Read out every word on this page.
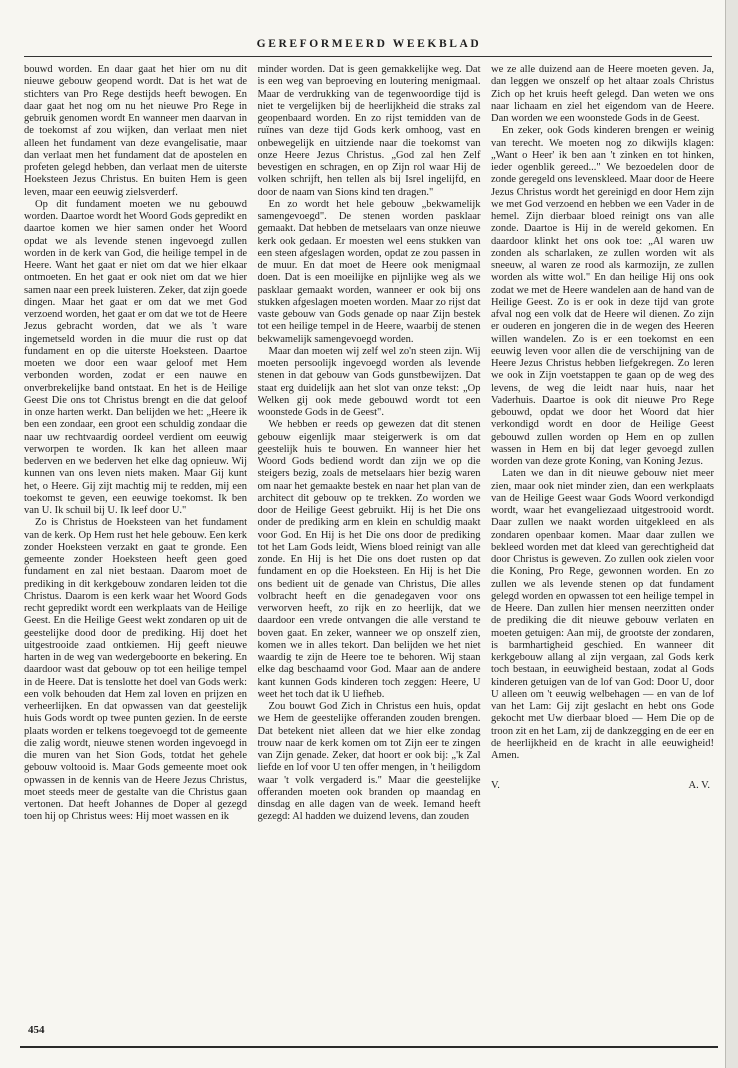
GEREFORMEERD WEEKBLAD

bouwd worden. En daar gaat het hier om nu dit nieuwe gebouw geopend wordt. Dat is het wat de stichters van Pro Rege destijds heeft bewogen. En daar gaat het nog om nu het nieuwe Pro Rege in gebruik genomen wordt En wanneer men daarvan in de toekomst af zou wijken, dan verlaat men niet alleen het fundament van deze evangelisatie, maar dan verlaat men het fundament dat de apostelen en profeten gelegd hebben, dan verlaat men de uiterste Hoeksteen Jezus Christus. En buiten Hem is geen leven, maar een eeuwig zielsverderf.

Op dit fundament moeten we nu gebouwd worden. Daartoe wordt het Woord Gods gepredikt en daartoe komen we hier samen onder het Woord opdat we als levende stenen ingevoegd zullen worden in de kerk van God, die heilige tempel in de Heere. Want het gaat er niet om dat we hier elkaar ontmoeten. En het gaat er ook niet om dat we hier samen naar een preek luisteren. Zeker, dat zijn goede dingen. Maar het gaat er om dat we met God verzoend worden, het gaat er om dat we tot de Heere Jezus gebracht worden, dat we als 't ware ingemetseld worden in die muur die rust op dat fundament en op die uiterste Hoeksteen. Daartoe moeten we door een waar geloof met Hem verbonden worden, zodat er een nauwe en onverbrekelijke band ontstaat. En het is de Heilige Geest Die ons tot Christus brengt en die dat geloof in onze harten werkt. Dan belijden we het: „Heere ik ben een zondaar, een groot een schuldig zondaar die naar uw rechtvaardig oordeel verdient om eeuwig verworpen te worden. Ik kan het alleen maar bederven en we bederven het elke dag opnieuw. Wij kunnen van ons leven niets maken. Maar Gij kunt het, o Heere. Gij zijt machtig mij te redden, mij een toekomst te geven, een eeuwige toekomst. Ik ben van U. Ik schuil bij U. Ik leef door U."

Zo is Christus de Hoeksteen van het fundament van de kerk. Op Hem rust het hele gebouw. Een kerk zonder Hoeksteen verzakt en gaat te gronde. Een gemeente zonder Hoeksteen heeft geen goed fundament en zal niet bestaan. Daarom moet de prediking in dit kerkgebouw zondaren leiden tot die Christus. Daarom is een kerk waar het Woord Gods recht gepredikt wordt een werkplaats van de Heilige Geest. En die Heilige Geest wekt zondaren op uit de geestelijke dood door de prediking. Hij doet het uitgestrooide zaad ontkiemen. Hij geeft nieuwe harten in de weg van wedergeboorte en bekering. En daardoor wast dat gebouw op tot een heilige tempel in de Heere. Dat is tenslotte het doel van Gods werk: een volk behouden dat Hem zal loven en prijzen en verheerlijken. En dat opwassen van dat geestelijk huis Gods wordt op twee punten gezien. In de eerste plaats worden er telkens toegevoegd tot de gemeente die zalig wordt, nieuwe stenen worden ingevoegd in die muren van het Sion Gods, totdat het gehele gebouw voltooid is. Maar Gods gemeente moet ook opwassen in de kennis van de Heere Jezus Christus, moet steeds meer de gestalte van die Christus gaan vertonen. Dat heeft Johannes de Doper al gezegd toen hij op Christus wees: Hij moet wassen en ik

minder worden. Dat is geen gemakkelijke weg. Dat is een weg van beproeving en loutering menigmaal. Maar de verdrukking van de tegenwoordige tijd is niet te vergelijken bij de heerlijkheid die straks zal geopenbaard worden. En zo rijst temidden van de ruïnes van deze tijd Gods kerk omhoog, vast en onbewegelijk en uitziende naar die toekomst van onze Heere Jezus Christus. „God zal hen Zelf bevestigen en schragen, en op Zijn rol waar Hij de volken schrijft, hen tellen als bij Isrel ingelijfd, en door de naam van Sions kind ten dragen."

En zo wordt het hele gebouw „bekwamelijk samengevoegd". De stenen worden pasklaar gemaakt. Dat hebben de metselaars van onze nieuwe kerk ook gedaan. Er moesten wel eens stukken van een steen afgeslagen worden, opdat ze zou passen in de muur. En dat moet de Heere ook menigmaal doen. Dat is een moeilijke en pijnlijke weg als we pasklaar gemaakt worden, wanneer er ook bij ons stukken afgeslagen moeten worden. Maar zo rijst dat vaste gebouw van Gods genade op naar Zijn bestek tot een heilige tempel in de Heere, waarbij de stenen bekwamelijk samengevoegd worden.

Maar dan moeten wij zelf wel zo'n steen zijn. Wij moeten persoolijk ingevoegd worden als levende stenen in dat gebouw van Gods gunstbewijzen. Dat staat erg duidelijk aan het slot van onze tekst: „Op Welken gij ook mede gebouwd wordt tot een woonstede Gods in de Geest".

We hebben er reeds op gewezen dat dit stenen gebouw eigenlijk maar steigerwerk is om dat geestelijk huis te bouwen. En wanneer hier het Woord Gods bediend wordt dan zijn we op die steigers bezig, zoals de metselaars hier bezig waren om naar het gemaakte bestek en naar het plan van de architect dit gebouw op te trekken. Zo worden we door de Heilige Geest gebruikt. Hij is het Die ons onder de prediking arm en klein en schuldig maakt voor God. En Hij is het Die ons door de prediking tot het Lam Gods leidt, Wiens bloed reinigt van alle zonde. En Hij is het Die ons doet rusten op dat fundament en op die Hoeksteen. En Hij is het Die ons bedient uit de genade van Christus, Die alles volbracht heeft en die genadegaven voor ons verworven heeft, zo rijk en zo heerlijk, dat we daardoor een vrede ontvangen die alle verstand te boven gaat. En zeker, wanneer we op onszelf zien, komen we in alles tekort. Dan belijden we het niet waardig te zijn de Heere toe te behoren. Wij staan elke dag beschaamd voor God. Maar aan de andere kant kunnen Gods kinderen toch zeggen: Heere, U weet het toch dat ik U liefheb.

Zou bouwt God Zich in Christus een huis, opdat we Hem de geestelijke offeranden zouden brengen. Dat betekent niet alleen dat we hier elke zondag trouw naar de kerk komen om tot Zijn eer te zingen van Zijn genade. Zeker, dat hoort er ook bij: „'k Zal liefde en lof voor U ten offer mengen, in 't heiligdom waar 't volk vergaderd is." Maar die geestelijke offeranden moeten ook branden op maandag en dinsdag en alle dagen van de week. Iemand heeft gezegd: Al hadden we duizend levens, dan zouden

we ze alle duizend aan de Heere moeten geven. Ja, dan leggen we onszelf op het altaar zoals Christus Zich op het kruis heeft gelegd. Dan weten we ons naar lichaam en ziel het eigendom van de Heere. Dan worden we een woonstede Gods in de Geest.

En zeker, ook Gods kinderen brengen er weinig van terecht. We moeten nog zo dikwijls klagen: „Want o Heer' ik ben aan 't zinken en tot hinken, ieder ogenblik gereed..." We bezoedelen door de zonde geregeld ons levenskleed. Maar door de Heere Jezus Christus wordt het gereinigd en door Hem zijn we met God verzoend en hebben we een Vader in de hemel. Zijn dierbaar bloed reinigt ons van alle zonde. Daartoe is Hij in de wereld gekomen. En daardoor klinkt het ons ook toe: „Al waren uw zonden als scharlaken, ze zullen worden wit als sneeuw, al waren ze rood als karmozijn, ze zullen worden als witte wol." En dan heilige Hij ons ook zodat we met de Heere wandelen aan de hand van de Heilige Geest. Zo is er ook in deze tijd van grote afval nog een volk dat de Heere wil dienen. Zo zijn er ouderen en jongeren die in de wegen des Heeren willen wandelen. Zo is er een toekomst en een eeuwig leven voor allen die de verschijning van de Heere Jezus Christus hebben liefgekregen. Zo leren we ook in Zijn voetstappen te gaan op de weg des levens, de weg die leidt naar huis, naar het Vaderhuis. Daartoe is ook dit nieuwe Pro Rege gebouwd, opdat we door het Woord dat hier verkondigd wordt en door de Heilige Geest gebouwd zullen worden op Hem en op zullen wassen in Hem en bij dat leger gevoegd zullen worden van deze grote Koning, van Koning Jezus.

Laten we dan in dit nieuwe gebouw niet meer zien, maar ook niet minder zien, dan een werkplaats van de Heilige Geest waar Gods Woord verkondigd wordt, waar het evangeliezaad uitgestrooid wordt. Daar zullen we naakt worden uitgekleed en als zondaren openbaar komen. Maar daar zullen we bekleed worden met dat kleed van gerechtigheid dat door Christus is geweven. Zo zullen ook zielen voor die Koning, Pro Rege, gewonnen worden. En zo zullen we als levende stenen op dat fundament gelegd worden en opwassen tot een heilige tempel in de Heere. Dan zullen hier mensen neerzitten onder de prediking die dit nieuwe gebouw verlaten en moeten getuigen: Aan mij, de grootste der zondaren, is barmhartigheid geschied. En wanneer dit kerkgebouw allang al zijn vergaan, zal Gods kerk toch bestaan, in eeuwigheid bestaan, zodat al Gods kinderen getuigen van de lof van God: Door U, door U alleen om 't eeuwig welbehagen — en van de lof van het Lam: Gij zijt geslacht en hebt ons Gode gekocht met Uw dierbaar bloed — Hem Die op de troon zit en het Lam, zij de dankzegging en de eer en de heerlijkheid en de kracht in alle eeuwigheid! Amen.

V.	A. V.
454
